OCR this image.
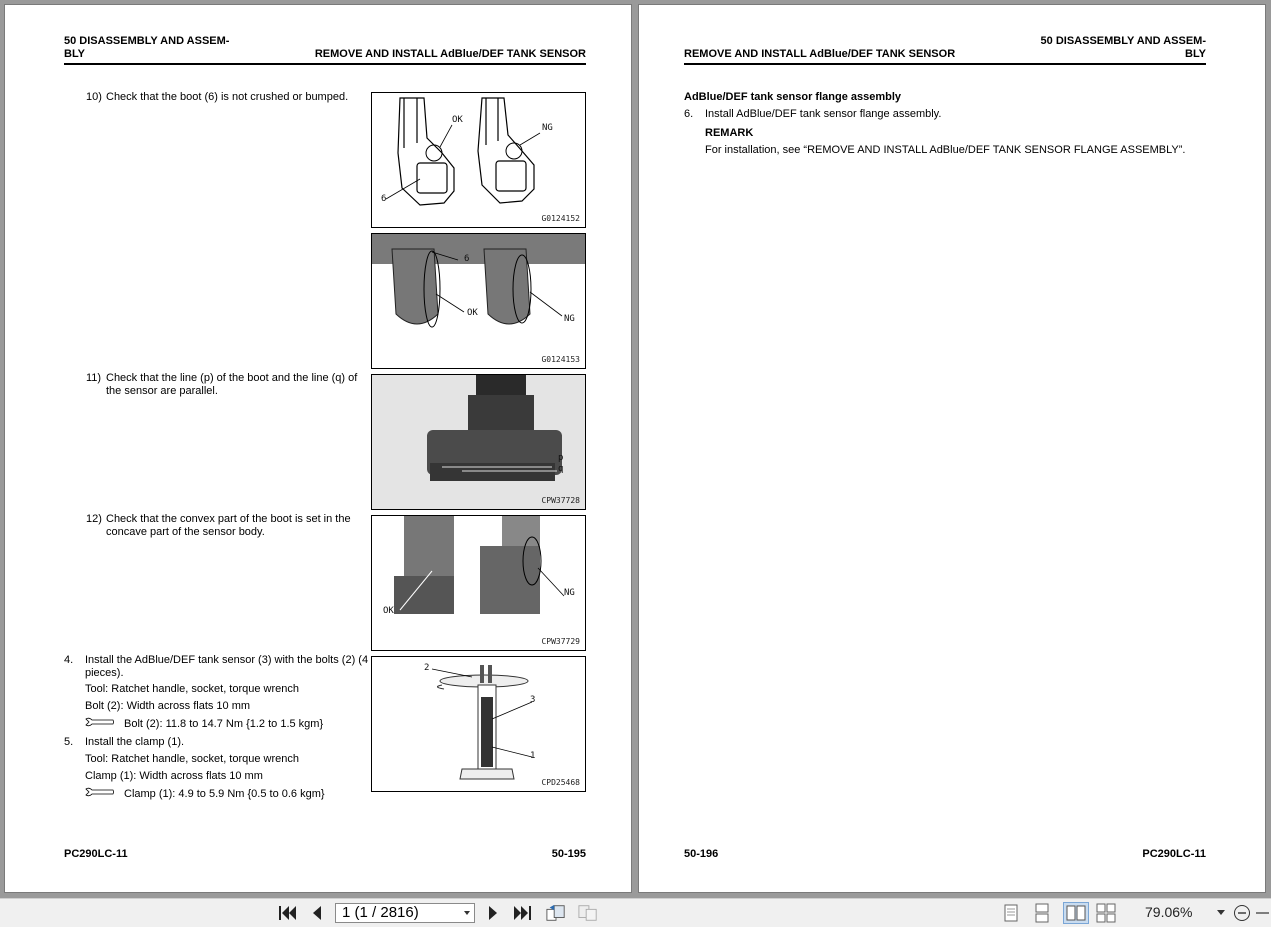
50 DISASSEMBLY AND ASSEM-
BLY	REMOVE AND INSTALL AdBlue/DEF TANK SENSOR
10) Check that the boot (6) is not crushed or bumped.
11) Check that the line (p) of the boot and the line (q) of
the sensor are parallel.
12) Check that the convex part of the boot is set in the
concave part of the sensor body.
4. Install the AdBlue/DEF tank sensor (3) with the bolts (2) (4
pieces).
Tool: Ratchet handle, socket, torque wrench
Bolt (2): Width across flats 10 mm
Bolt (2): 11.8 to 14.7 Nm {1.2 to 1.5 kgm}
5. Install the clamp (1).
Tool: Ratchet handle, socket, torque wrench
Clamp (1): Width across flats 10 mm
Clamp (1): 4.9 to 5.9 Nm {0.5 to 0.6 kgm}
OK
NG
6
G0124152
6
OK
NG
G0124153
p
q
CPW37728
OK
NG
CPW37729
2
3
1
CPD25468
PC290LC-11	50-195
REMOVE AND INSTALL AdBlue/DEF TANK SENSOR
50 DISASSEMBLY AND ASSEM-
BLY
AdBlue/DEF tank sensor flange assembly
6. Install AdBlue/DEF tank sensor flange assembly.
REMARK
For installation, see “REMOVE AND INSTALL AdBlue/DEF TANK SENSOR FLANGE ASSEMBLY”.
50-196	PC290LC-11
1 (1 / 2816)	79.06%
